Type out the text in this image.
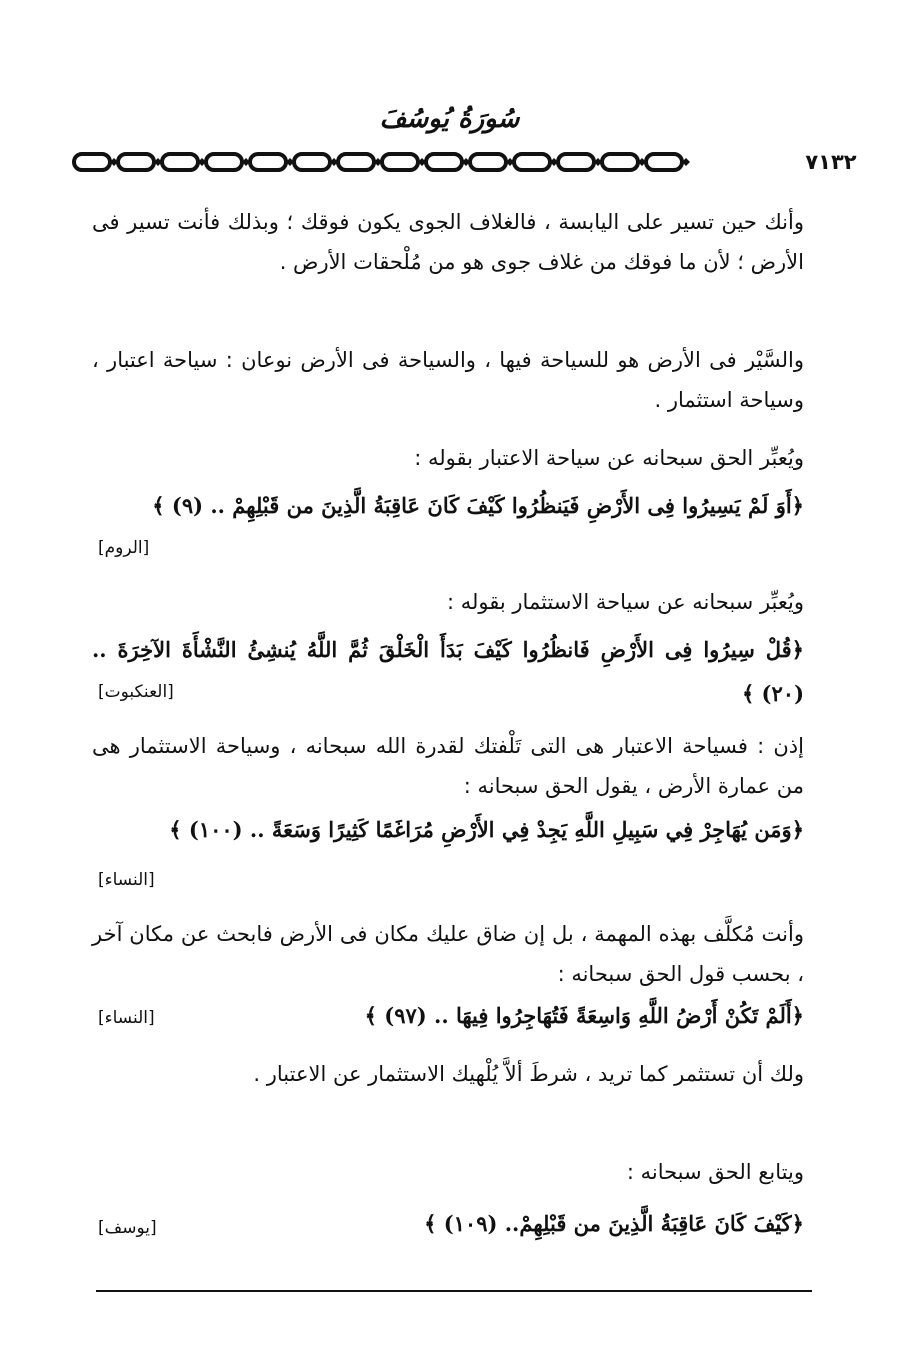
سُورَةُ يُوسُفَ
٧١٣٢

وأنك حين تسير على اليابسة ، فالغلاف الجوى يكون فوقك ؛ وبذلك فأنت تسير فى الأرض ؛ لأن ما فوقك من غلاف جوى هو من مُلْحقات الأرض .

والسَّيْر فى الأرض هو للسياحة فيها ، والسياحة فى الأرض نوعان : سياحة اعتبار ، وسياحة استثمار .

ويُعبِّر الحق سبحانه عن سياحة الاعتبار بقوله :

﴿أَوَ لَمْ يَسِيرُوا فِى الأَرْضِ فَيَنظُرُوا كَيْفَ كَانَ عَاقِبَةُ الَّذِينَ من قَبْلِهِمْ .. (٩) ﴾

[الروم]

ويُعبِّر سبحانه عن سياحة الاستثمار بقوله :

﴿قُلْ سِيرُوا فِى الأَرْضِ فَانظُرُوا كَيْفَ بَدَأَ الْخَلْقَ ثُمَّ اللَّهُ يُنشِئُ النَّشْأَةَ الآخِرَةَ .. (٢٠) ﴾

[العنكبوت]

إذن : فسياحة الاعتبار هى التى تَلْفتك لقدرة الله سبحانه ، وسياحة الاستثمار هى من عمارة الأرض ، يقول الحق سبحانه :

﴿وَمَن يُهَاجِرْ فِي سَبِيلِ اللَّهِ يَجِدْ فِي الأَرْضِ مُرَاغَمًا كَثِيرًا وَسَعَةً .. (١٠٠) ﴾

[النساء]

وأنت مُكلَّف بهذه المهمة ، بل إن ضاق عليك مكان فى الأرض فابحث عن مكان آخر ، بحسب قول الحق سبحانه :

﴿أَلَمْ تَكُنْ أَرْضُ اللَّهِ وَاسِعَةً فَتُهَاجِرُوا فِيهَا .. (٩٧) ﴾

[النساء]

ولك أن تستثمر كما تريد ، شرطَ ألاَّ يُلْهيك الاستثمار عن الاعتبار .

ويتابع الحق سبحانه :

﴿كَيْفَ كَانَ عَاقِبَةُ الَّذِينَ من قَبْلِهِمْ.. (١٠٩) ﴾

[يوسف]
